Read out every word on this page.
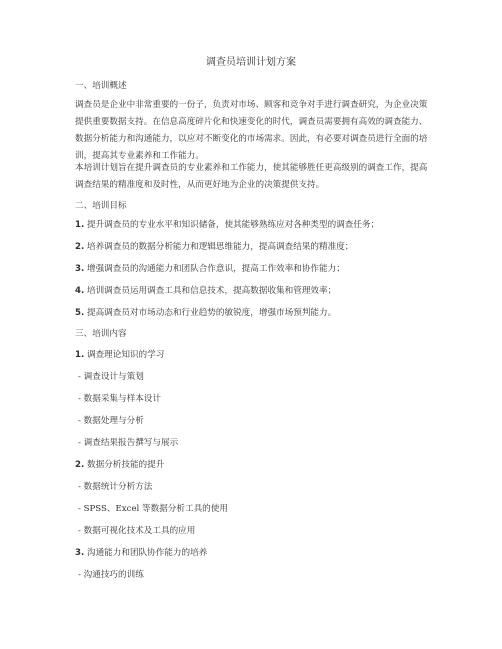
调查员培训计划方案
一、培训概述
调查员是企业中非常重要的一份子，负责对市场、顾客和竞争对手进行调查研究，为企业决策提供重要数据支持。在信息高度碎片化和快速变化的时代，调查员需要拥有高效的调查能力、数据分析能力和沟通能力，以应对不断变化的市场需求。因此，有必要对调查员进行全面的培训，提高其专业素养和工作能力。
本培训计划旨在提升调查员的专业素养和工作能力，使其能够胜任更高级别的调查工作，提高调查结果的精准度和及时性，从而更好地为企业的决策提供支持。
二、培训目标
1. 提升调查员的专业水平和知识储备，使其能够熟练应对各种类型的调查任务；
2. 培养调查员的数据分析能力和逻辑思维能力，提高调查结果的精准度；
3. 增强调查员的沟通能力和团队合作意识，提高工作效率和协作能力；
4. 培训调查员运用调查工具和信息技术，提高数据收集和管理效率；
5. 提高调查员对市场动态和行业趋势的敏锐度，增强市场预判能力。
三、培训内容
1. 调查理论知识的学习
- 调查设计与策划
- 数据采集与样本设计
- 数据处理与分析
- 调查结果报告撰写与展示
2. 数据分析技能的提升
- 数据统计分析方法
- SPSS、Excel 等数据分析工具的使用
- 数据可视化技术及工具的应用
3. 沟通能力和团队协作能力的培养
- 沟通技巧的训练
